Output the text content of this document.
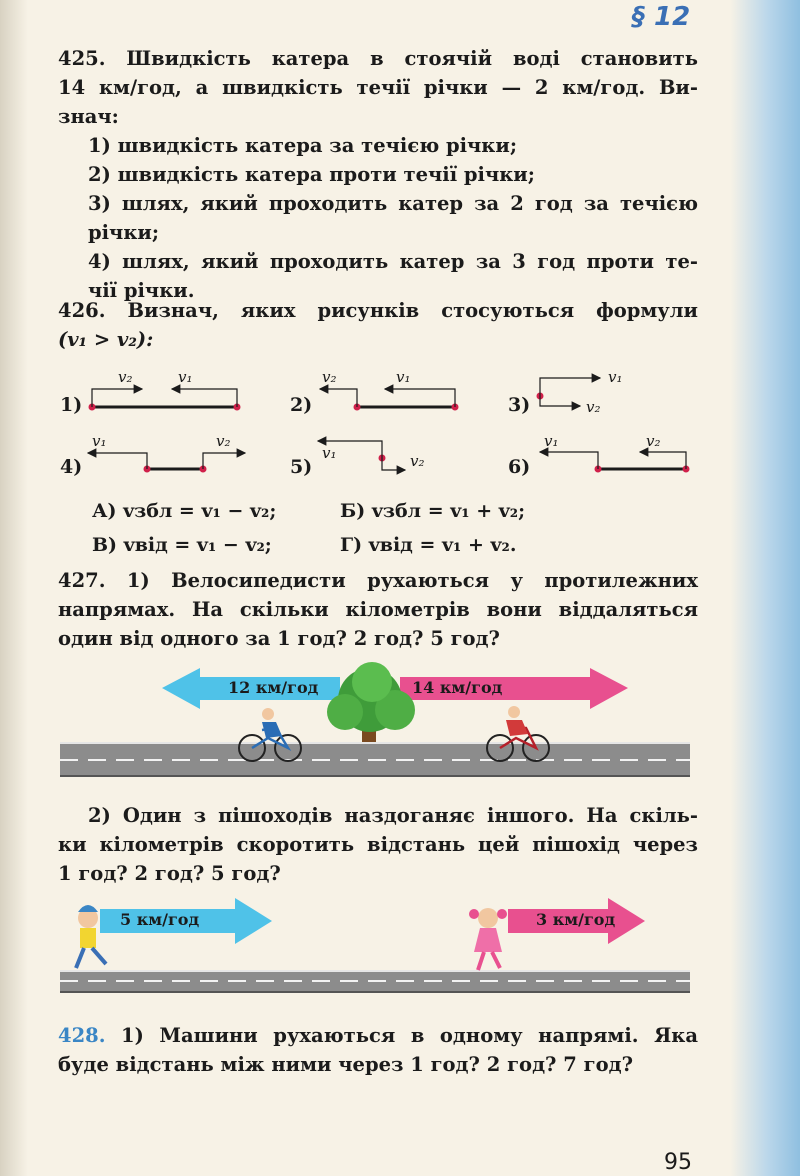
§ 12
425. Швидкість катера в стоячій воді становить
14 км/год, а швидкість течії річки — 2 км/год. Ви-
знач:
1) швидкість катера за течією річки;
2) швидкість катера проти течії річки;
3) шлях, який проходить катер за 2 год за течією
річки;
4) шлях, який проходить катер за 3 год проти те-
чії річки.
426. Визнач, яких рисунків стосуються формули
(v₁ > v₂):
1)	2)	3)
4)	5)	6)
v₂	v₁	v₂	v₁	v₁
v₂
v₁	v₂
v₁	v₂
v₁	v₂
А) vзбл = v₁ − v₂;	Б) vзбл = v₁ + v₂;
В) vвід = v₁ − v₂;	Г) vвід = v₁ + v₂.
427. 1) Велосипедисти рухаються у протилежних
напрямах. На скільки кілометрів вони віддаляться
один від одного за 1 год? 2 год? 5 год?
12 км/год	14 км/год
2) Один з пішоходів наздоганяє іншого. На скіль-
ки кілометрів скоротить відстань цей пішохід через
1 год? 2 год? 5 год?
5 км/год	3 км/год
428. 1) Машини рухаються в одному напрямі. Яка
буде відстань між ними через 1 год? 2 год? 7 год?
95
